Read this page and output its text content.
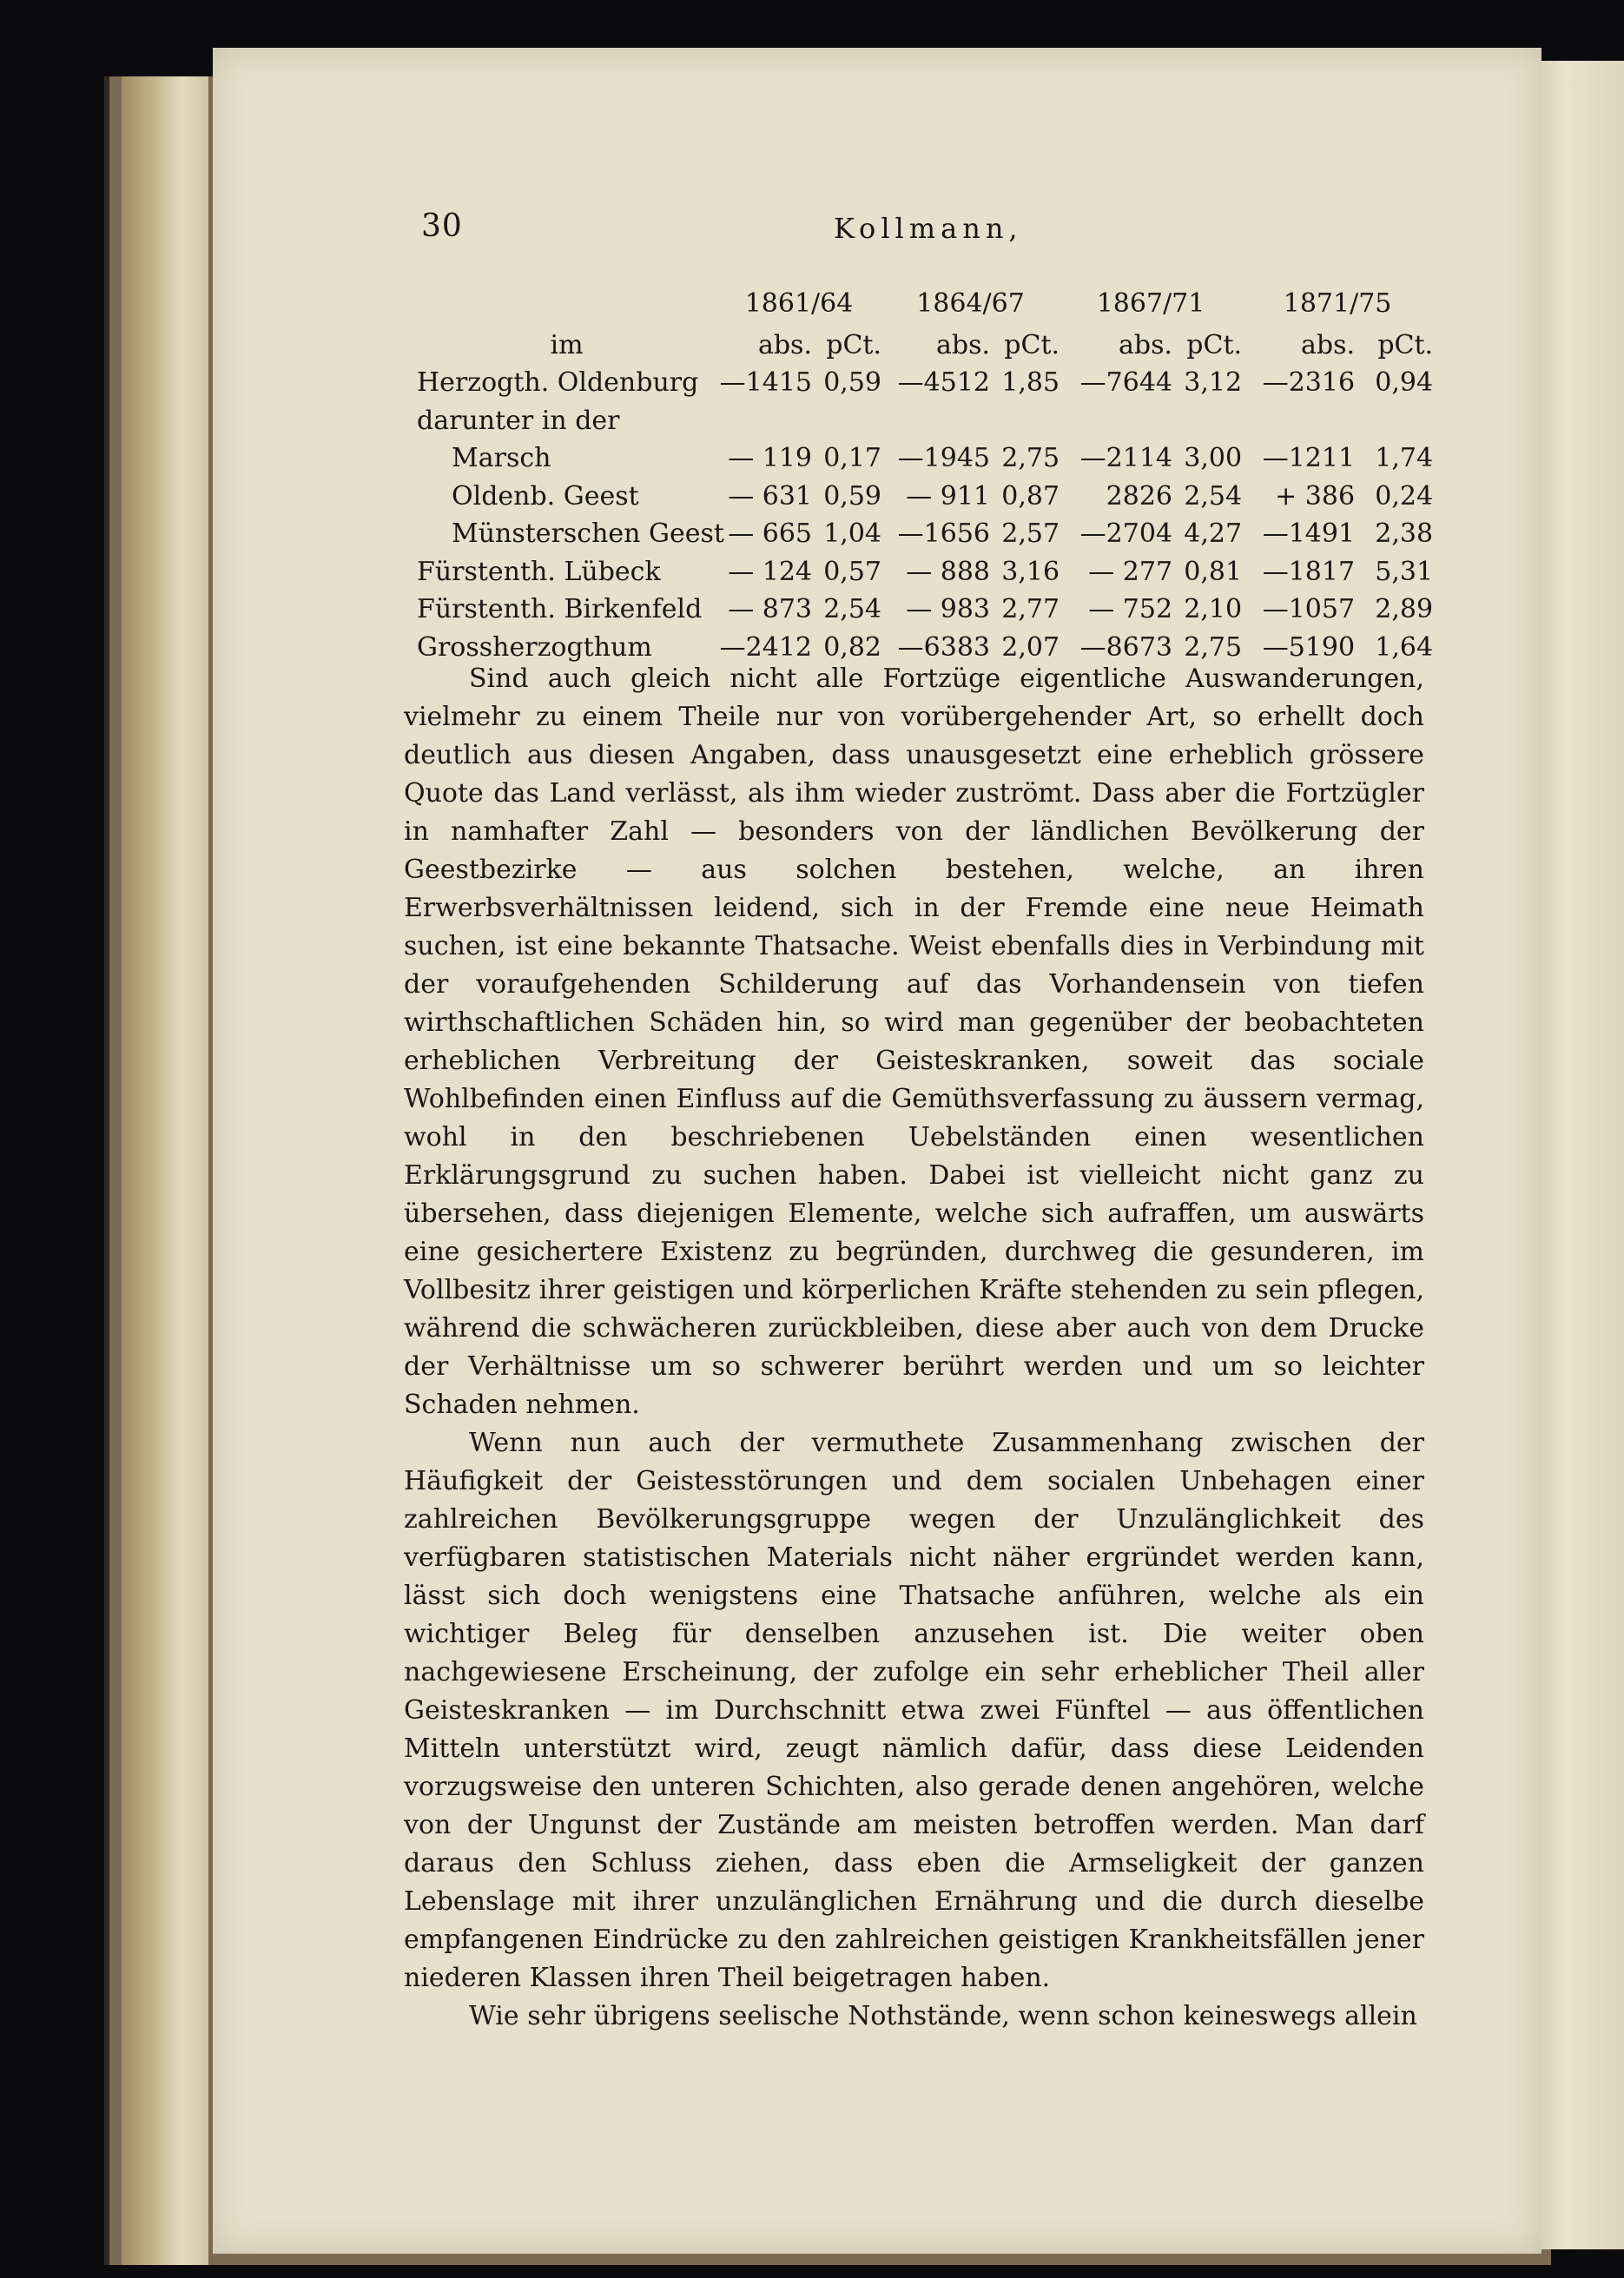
30	Kollmann,
	1861/64		1864/67		1867/71		1871/75	
im	abs.	pCt.	abs.	pCt.	abs.	pCt.	abs.	pCt.
Herzogth. Oldenburg	—1415	0,59	—4512	1,85	—7644	3,12	—2316	0,94
darunter in der								
Marsch	— 119	0,17	—1945	2,75	—2114	3,00	—1211	1,74
Oldenb. Geest	— 631	0,59	— 911	0,87	2826	2,54	+ 386	0,24
Münsterschen Geest	— 665	1,04	—1656	2,57	—2704	4,27	—1491	2,38
Fürstenth. Lübeck	— 124	0,57	— 888	3,16	— 277	0,81	—1817	5,31
Fürstenth. Birkenfeld	— 873	2,54	— 983	2,77	— 752	2,10	—1057	2,89
Grossherzogthum	—2412	0,82	—6383	2,07	—8673	2,75	—5190	1,64

Sind auch gleich nicht alle Fortzüge eigentliche Auswanderungen, vielmehr zu einem Theile nur von vorübergehender Art, so erhellt doch deutlich aus diesen Angaben, dass unausgesetzt eine erheblich grössere Quote das Land verlässt, als ihm wieder zuströmt. Dass aber die Fortzügler in namhafter Zahl — besonders von der ländlichen Bevölkerung der Geestbezirke — aus solchen bestehen, welche, an ihren Erwerbsverhältnissen leidend, sich in der Fremde eine neue Heimath suchen, ist eine bekannte Thatsache. Weist ebenfalls dies in Verbindung mit der voraufgehenden Schilderung auf das Vorhandensein von tiefen wirthschaftlichen Schäden hin, so wird man gegenüber der beobachteten erheblichen Verbreitung der Geisteskranken, soweit das sociale Wohlbefinden einen Einfluss auf die Gemüthsverfassung zu äussern vermag, wohl in den beschriebenen Uebelständen einen wesentlichen Erklärungsgrund zu suchen haben. Dabei ist vielleicht nicht ganz zu übersehen, dass diejenigen Elemente, welche sich aufraffen, um auswärts eine gesichertere Existenz zu begründen, durchweg die gesunderen, im Vollbesitz ihrer geistigen und körperlichen Kräfte stehenden zu sein pflegen, während die schwächeren zurückbleiben, diese aber auch von dem Drucke der Verhältnisse um so schwerer berührt werden und um so leichter Schaden nehmen.

Wenn nun auch der vermuthete Zusammenhang zwischen der Häufigkeit der Geistesstörungen und dem socialen Unbehagen einer zahlreichen Bevölkerungsgruppe wegen der Unzulänglichkeit des verfügbaren statistischen Materials nicht näher ergründet werden kann, lässt sich doch wenigstens eine Thatsache anführen, welche als ein wichtiger Beleg für denselben anzusehen ist. Die weiter oben nachgewiesene Erscheinung, der zufolge ein sehr erheblicher Theil aller Geisteskranken — im Durchschnitt etwa zwei Fünftel — aus öffentlichen Mitteln unterstützt wird, zeugt nämlich dafür, dass diese Leidenden vorzugsweise den unteren Schichten, also gerade denen angehören, welche von der Ungunst der Zustände am meisten betroffen werden. Man darf daraus den Schluss ziehen, dass eben die Armseligkeit der ganzen Lebenslage mit ihrer unzulänglichen Ernährung und die durch dieselbe empfangenen Eindrücke zu den zahlreichen geistigen Krankheitsfällen jener niederen Klassen ihren Theil beigetragen haben.

Wie sehr übrigens seelische Nothstände, wenn schon keineswegs allein
